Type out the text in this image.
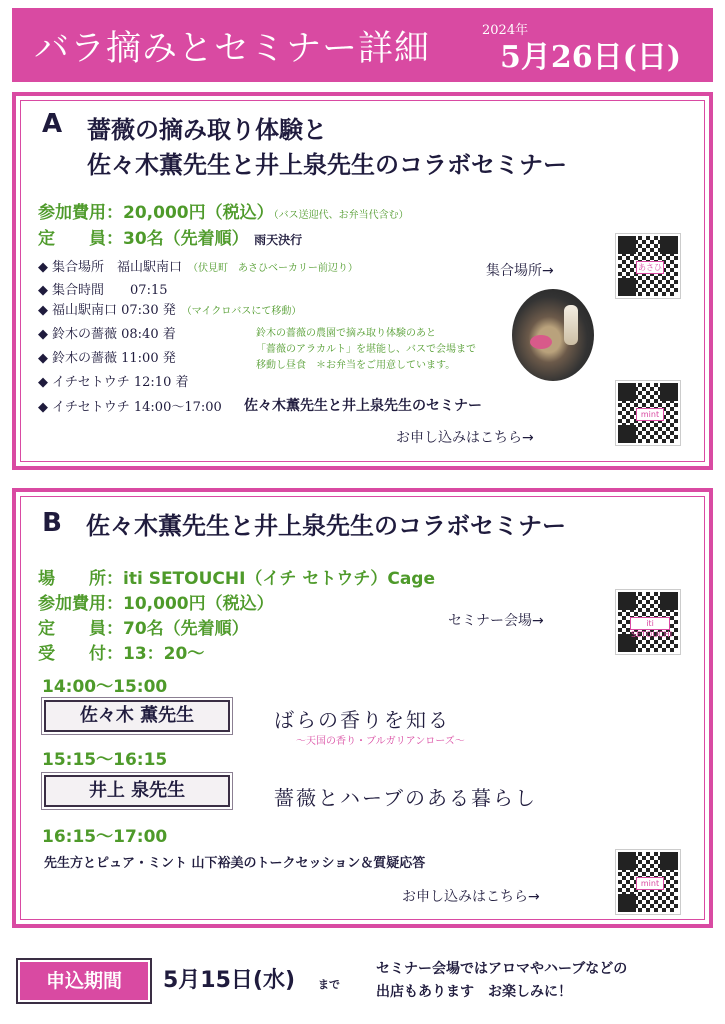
バラ摘みとセミナー詳細	2024年
5月26日(日)
A	薔薇の摘み取り体験と
佐々木薫先生と井上泉先生のコラボセミナー
参加費用：20,000円（税込）（バス送迎代、お弁当代含む）
定　　員：30名（先着順） 雨天決行
◆ 集合場所　 福山駅南口 （伏見町　あさひベーカリー前辺り）
◆ 集合時間　　 07:15
◆ 福山駅南口 07:30 発 （マイクロバスにて移動）
◆ 鈴木の薔薇 08:40 着
◆ 鈴木の薔薇 11:00 発
◆ イチセトウチ 12:10 着
◆ イチセトウチ 14:00～17:00
鈴木の薔薇の農園で摘み取り体験のあと
「薔薇のアラカルト」を堪能し、バスで会場まで
移動し昼食　＊お弁当をご用意しています。
佐々木薫先生と井上泉先生のセミナー
集合場所→	あさひ
お申し込みはこちら→
mint
B	佐々木薫先生と井上泉先生のコラボセミナー
場　　所：iti SETOUCHI（イチ セトウチ）Cage
参加費用：10,000円（税込）
定　　員：70名（先着順）
受　　付：13：20～
セミナー会場→	iti SETOUCHI
14:00～15:00
佐々木 薫先生	ばらの香りを知る
～天国の香り・ブルガリアンローズ～
15:15～16:15
井上 泉先生	薔薇とハーブのある暮らし
16:15～17:00
先生方とピュア・ミント 山下裕美のトークセッション＆質疑応答
お申し込みはこちら→
mint
申込期間	5月15日(水) まで
セミナー会場ではアロマやハーブなどの
出店もあります　お楽しみに！
